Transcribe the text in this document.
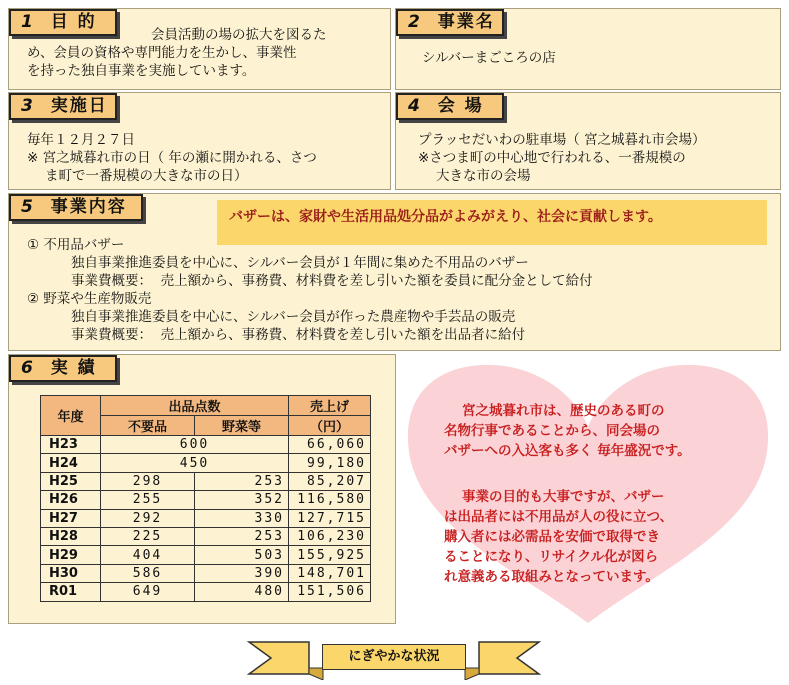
1 目 的
会員活動の場の拡大を図るた
め、会員の資格や専門能力を生かし、事業性
を持った独自事業を実施しています。
2 事業名
シルバーまごころの店
3 実施日
毎年１２月２７日
※ 宮之城暮れ市の日（ 年の瀬に開かれる、さつ
ま町で一番規模の大きな市の日）
4 会 場
プラッセだいわの駐車場（ 宮之城暮れ市会場）
※さつま町の中心地で行われる、一番規模の
大きな市の会場
5 事業内容
① 不用品バザー
独自事業推進委員を中心に、シルバー会員が１年間に集めた不用品のバザー
事業費概要：  売上額から、事務費、材料費を差し引いた額を委員に配分金として給付
② 野菜や生産物販売
独自事業推進委員を中心に、シルバー会員が作った農産物や手芸品の販売
事業費概要：  売上額から、事務費、材料費を差し引いた額を出品者に給付
バザーは、家財や生活用品処分品がよみがえり、社会に貢献します。
6 実 績
年度	出品点数		売上げ
	不要品	野菜等	（円）
H23	600		66,060
H24	450		99,180
H25	298	253	85,207
H26	255	352	116,580
H27	292	330	127,715
H28	225	253	106,230
H29	404	503	155,925
H30	586	390	148,701
R01	649	480	151,506
宮之城暮れ市は、歴史のある町の
名物行事であることから、同会場の
バザーへの入込客も多く 毎年盛況です。
事業の目的も大事ですが、バザー
は出品者には不用品が人の役に立つ、
購入者には必需品を安価で取得でき
ることになり、リサイクル化が図ら
れ意義ある取組みとなっています。
にぎやかな状況
